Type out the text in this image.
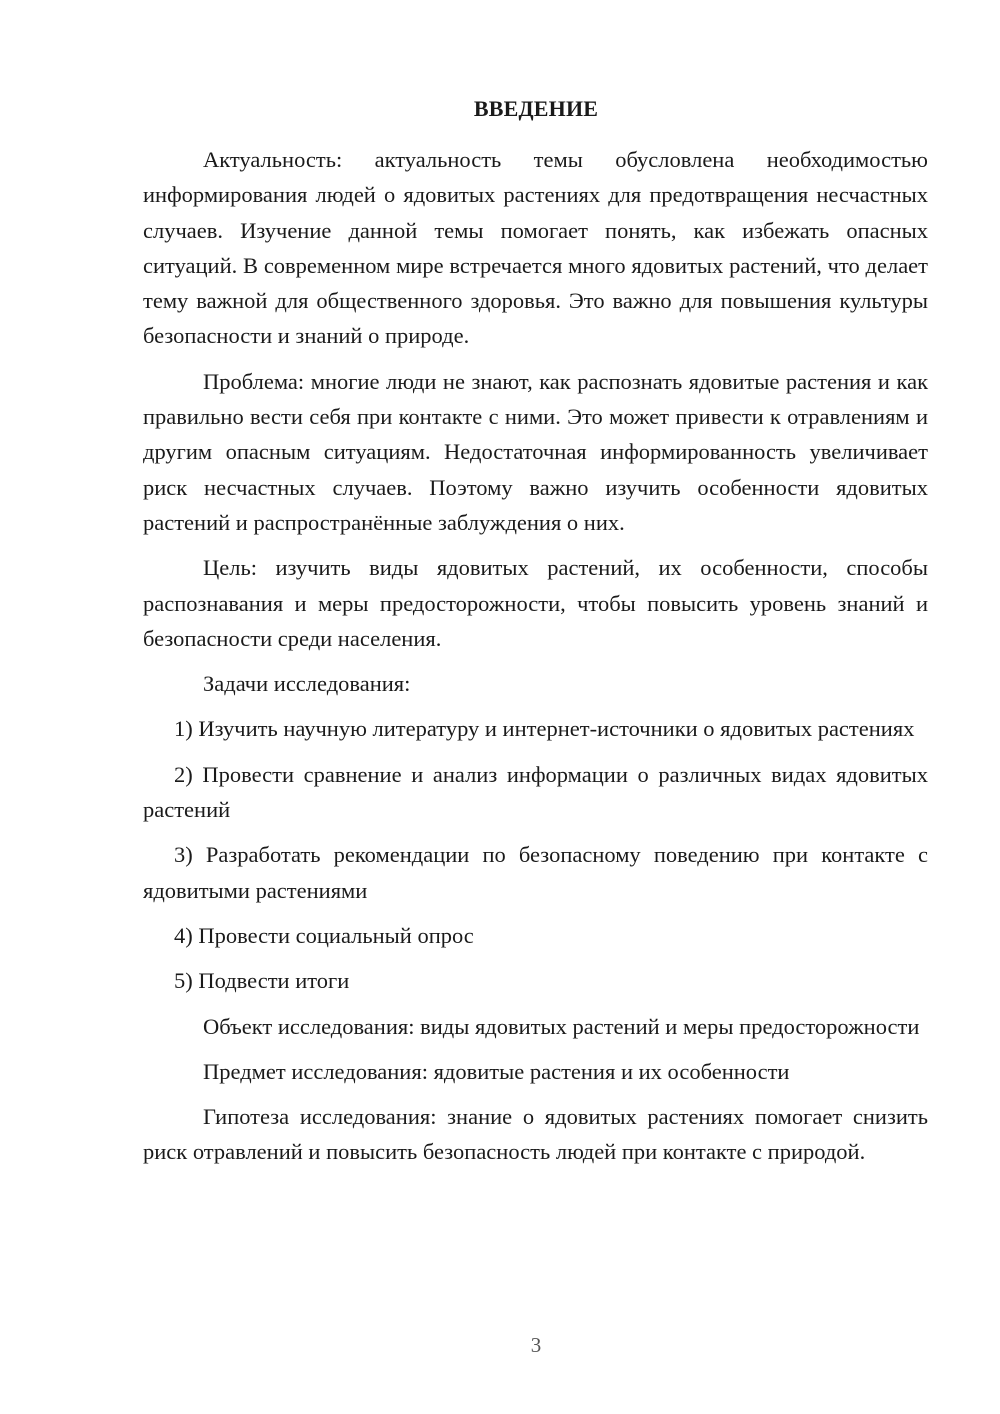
ВВЕДЕНИЕ

Актуальность: актуальность темы обусловлена необходимостью информирования людей о ядовитых растениях для предотвращения несчастных случаев. Изучение данной темы помогает понять, как избежать опасных ситуаций. В современном мире встречается много ядовитых растений, что делает тему важной для общественного здоровья. Это важно для повышения культуры безопасности и знаний о природе.

Проблема: многие люди не знают, как распознать ядовитые растения и как правильно вести себя при контакте с ними. Это может привести к отравлениям и другим опасным ситуациям. Недостаточная информированность увеличивает риск несчастных случаев. Поэтому важно изучить особенности ядовитых растений и распространённые заблуждения о них.

Цель: изучить виды ядовитых растений, их особенности, способы распознавания и меры предосторожности, чтобы повысить уровень знаний и безопасности среди населения.

Задачи исследования:

1) Изучить научную литературу и интернет-источники о ядовитых растениях

2) Провести сравнение и анализ информации о различных видах ядовитых растений

3) Разработать рекомендации по безопасному поведению при контакте с ядовитыми растениями

4) Провести социальный опрос

5) Подвести итоги

Объект исследования: виды ядовитых растений и меры предосторожности

Предмет исследования: ядовитые растения и их особенности

Гипотеза исследования: знание о ядовитых растениях помогает снизить риск отравлений и повысить безопасность людей при контакте с природой.

3
